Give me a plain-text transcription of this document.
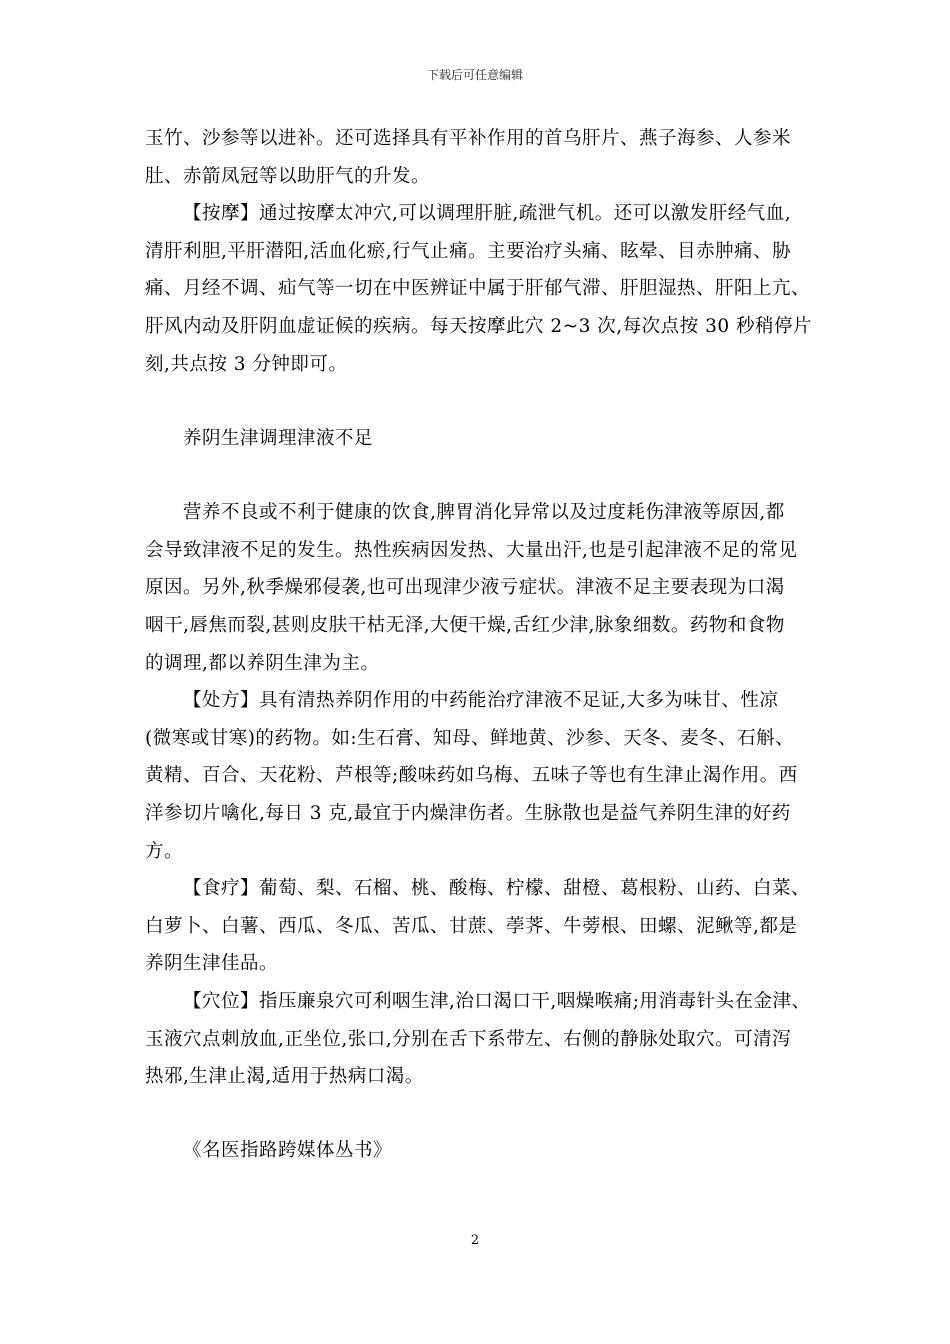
下载后可任意编辑

玉竹、沙参等以进补。还可选择具有平补作用的首乌肝片、燕子海参、人参米
肚、赤箭凤冠等以助肝气的升发。

【按摩】通过按摩太冲穴,可以调理肝脏,疏泄气机。还可以激发肝经气血,
清肝利胆,平肝潜阳,活血化瘀,行气止痛。主要治疗头痛、眩晕、目赤肿痛、胁
痛、月经不调、疝气等一切在中医辨证中属于肝郁气滞、肝胆湿热、肝阳上亢、
肝风内动及肝阴血虚证候的疾病。每天按摩此穴 2~3 次,每次点按 30 秒稍停片
刻,共点按 3 分钟即可。

养阴生津调理津液不足

营养不良或不利于健康的饮食,脾胃消化异常以及过度耗伤津液等原因,都
会导致津液不足的发生。热性疾病因发热、大量出汗,也是引起津液不足的常见
原因。另外,秋季燥邪侵袭,也可出现津少液亏症状。津液不足主要表现为口渴
咽干,唇焦而裂,甚则皮肤干枯无泽,大便干燥,舌红少津,脉象细数。药物和食物
的调理,都以养阴生津为主。

【处方】具有清热养阴作用的中药能治疗津液不足证,大多为味甘、性凉
(微寒或甘寒)的药物。如:生石膏、知母、鲜地黄、沙参、天冬、麦冬、石斛、
黄精、百合、天花粉、芦根等;酸味药如乌梅、五味子等也有生津止渴作用。西
洋参切片噙化,每日 3 克,最宜于内燥津伤者。生脉散也是益气养阴生津的好药
方。

【食疗】葡萄、梨、石榴、桃、酸梅、柠檬、甜橙、葛根粉、山药、白菜、
白萝卜、白薯、西瓜、冬瓜、苦瓜、甘蔗、荸荠、牛蒡根、田螺、泥鳅等,都是
养阴生津佳品。

【穴位】指压廉泉穴可利咽生津,治口渴口干,咽燥喉痛;用消毒针头在金津、
玉液穴点刺放血,正坐位,张口,分别在舌下系带左、右侧的静脉处取穴。可清泻
热邪,生津止渴,适用于热病口渴。

《名医指路跨媒体丛书》

2
